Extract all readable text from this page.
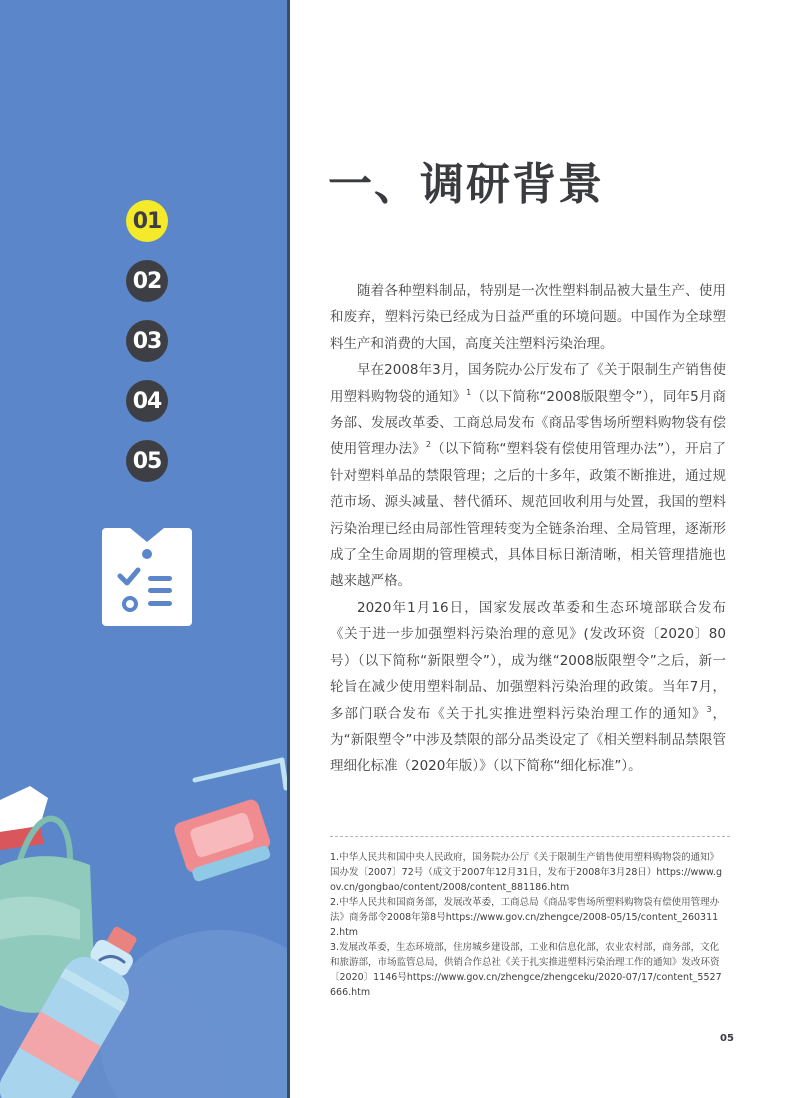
01
02
03
04
05
一、调研背景

随着各种塑料制品，特别是一次性塑料制品被大量生产、使用和废弃，塑料污染已经成为日益严重的环境问题。中国作为全球塑料生产和消费的大国，高度关注塑料污染治理。

早在2008年3月，国务院办公厅发布了《关于限制生产销售使用塑料购物袋的通知》$^1$（以下简称“2008版限塑令”），同年5月商务部、发展改革委、工商总局发布《商品零售场所塑料购物袋有偿使用管理办法》$^2$（以下简称“塑料袋有偿使用管理办法”），开启了针对塑料单品的禁限管理；之后的十多年，政策不断推进，通过规范市场、源头减量、替代循环、规范回收利用与处置，我国的塑料污染治理已经由局部性管理转变为全链条治理、全局管理，逐渐形成了全生命周期的管理模式，具体目标日渐清晰，相关管理措施也越来越严格。

2020年1月16日，国家发展改革委和生态环境部联合发布《关于进一步加强塑料污染治理的意见》(发改环资〔2020〕80号）（以下简称“新限塑令”），成为继“2008版限塑令”之后，新一轮旨在减少使用塑料制品、加强塑料污染治理的政策。当年7月，多部门联合发布《关于扎实推进塑料污染治理工作的通知》$^3$，为“新限塑令”中涉及禁限的部分品类设定了《相关塑料制品禁限管理细化标准（2020年版）》（以下简称“细化标准”）。

1.中华人民共和国中央人民政府，国务院办公厅《关于限制生产销售使用塑料购物袋的通知》国办发〔2007〕72号（成文于2007年12月31日，发布于2008年3月28日）https://www.gov.cn/gongbao/content/2008/content_881186.htm

2.中华人民共和国商务部，发展改革委，工商总局《商品零售场所塑料购物袋有偿使用管理办法》商务部令2008年第8号https://www.gov.cn/zhengce/2008-05/15/content_2603112.htm

3.发展改革委，生态环境部，住房城乡建设部，工业和信息化部，农业农村部，商务部，文化和旅游部，市场监管总局，供销合作总社《关于扎实推进塑料污染治理工作的通知》发改环资〔2020〕1146号https://www.gov.cn/zhengce/zhengceku/2020-07/17/content_5527666.htm

05
